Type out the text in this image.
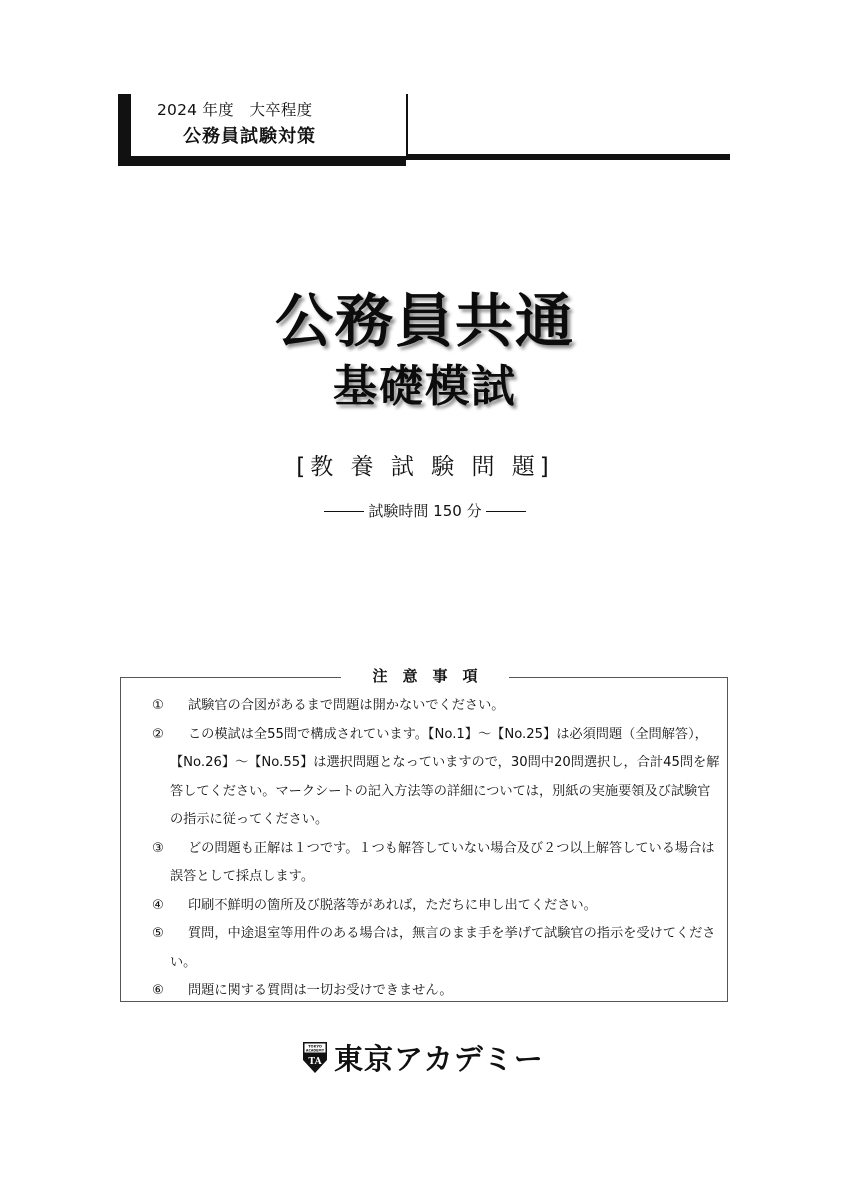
2024 年度　大卒程度
公務員試験対策
公務員共通
基礎模試
[教 養 試 験 問 題]
試験時間 150 分
注意事項
①	試験官の合図があるまで問題は開かないでください。
②	この模試は全55問で構成されています。【No.1】～【No.25】は必須問題（全問解答），【No.26】～【No.55】は選択問題となっていますので，30問中20問選択し，合計45問を解答してください。マークシートの記入方法等の詳細については，別紙の実施要領及び試験官の指示に従ってください。
③	どの問題も正解は１つです。１つも解答していない場合及び２つ以上解答している場合は誤答として採点します。
④	印刷不鮮明の箇所及び脱落等があれば，ただちに申し出てください。
⑤	質問，中途退室等用件のある場合は，無言のまま手を挙げて試験官の指示を受けてください。
⑥	問題に関する質問は一切お受けできません。
TOKYO
ACADEMY
TA 東京アカデミー
